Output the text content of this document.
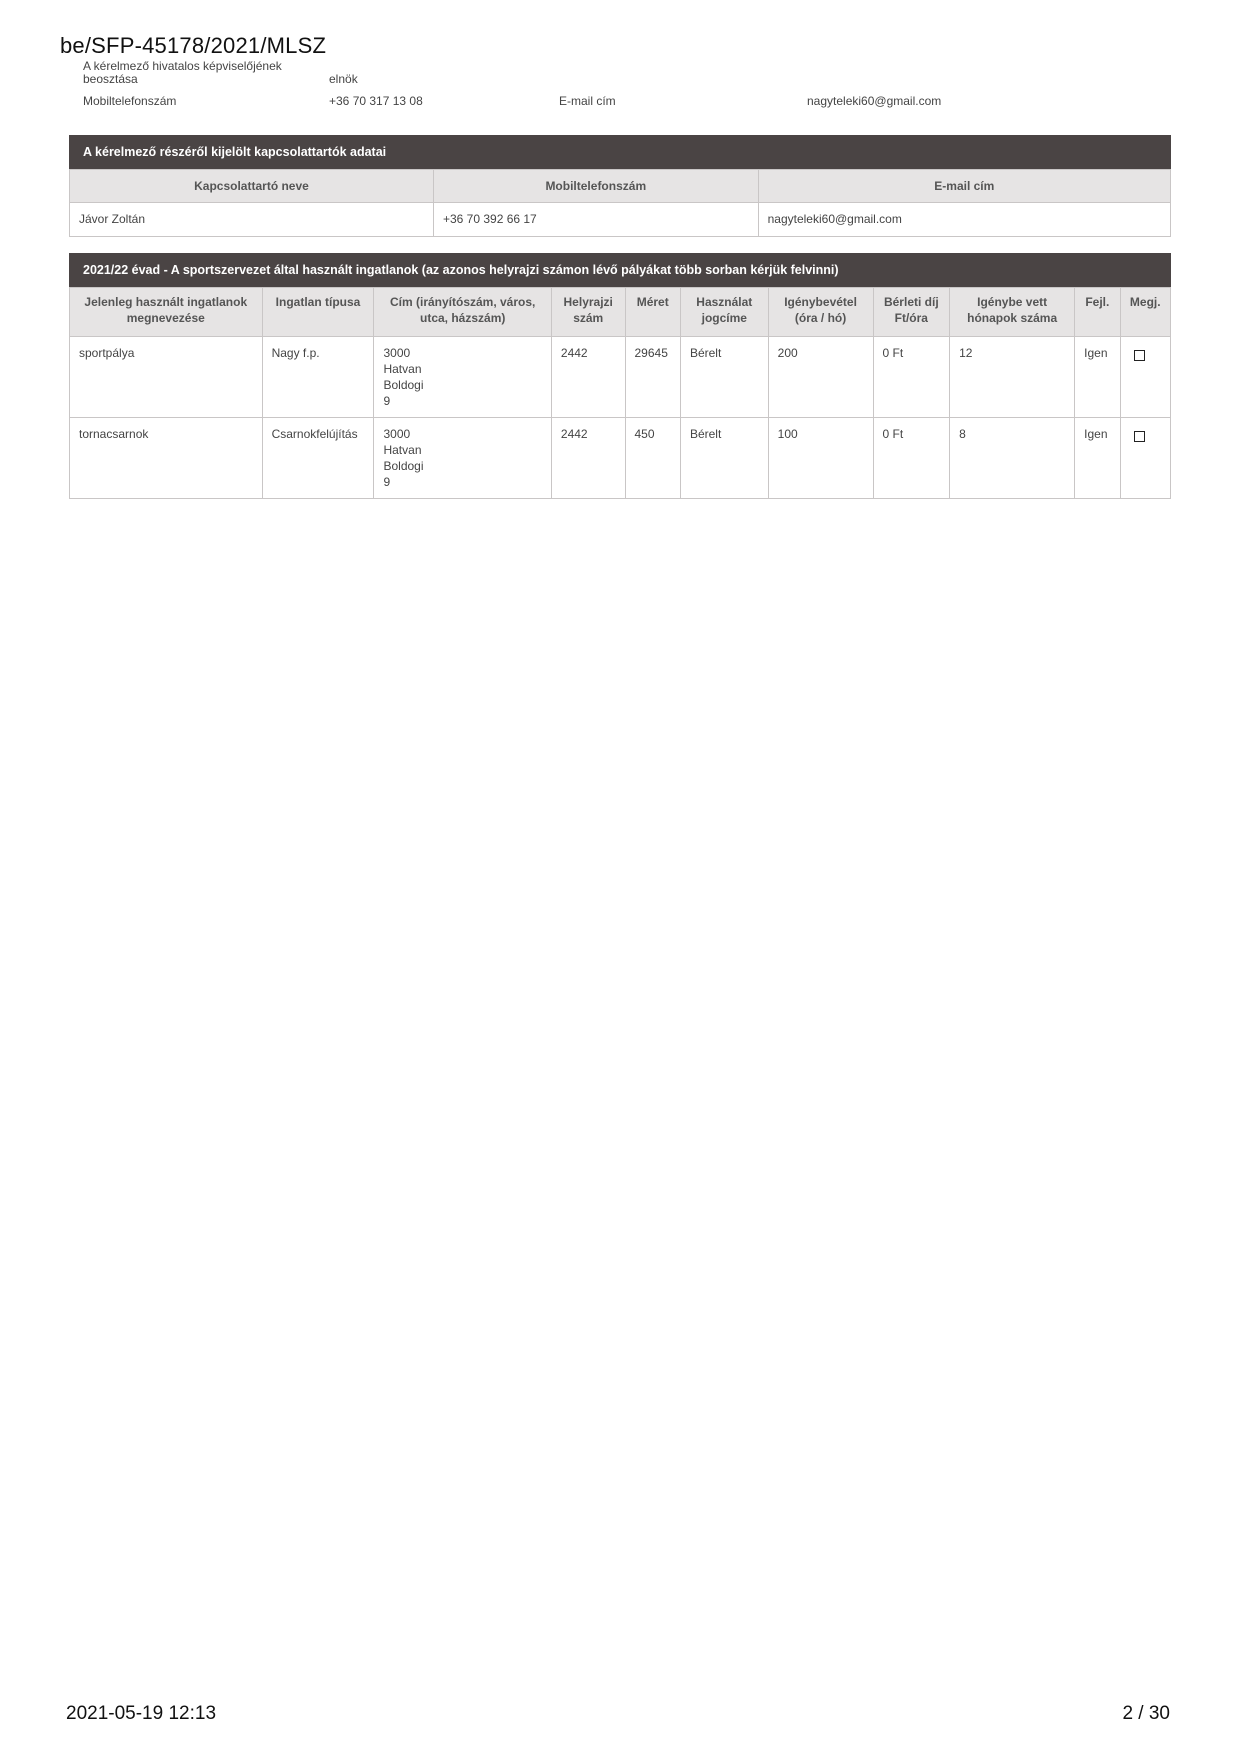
be/SFP-45178/2021/MLSZ
A kérelmező hivatalos képviselőjének beosztása	elnök
Mobiltelefonszám	+36 70 317 13 08	E-mail cím	nagyteleki60@gmail.com
A kérelmező részéről kijelölt kapcsolattartók adatai
Kapcsolattartó neve	Mobiltelefonszám	E-mail cím
Jávor Zoltán	+36 70 392 66 17	nagyteleki60@gmail.com
2021/22 évad - A sportszervezet által használt ingatlanok (az azonos helyrajzi számon lévő pályákat több sorban kérjük felvinni)
Jelenleg használt ingatlanok megnevezése	Ingatlan típusa	Cím (irányítószám, város, utca, házszám)	Helyrajzi szám	Méret	Használat jogcíme	Igénybevétel (óra / hó)	Bérleti díj Ft/óra	Igénybe vett hónapok száma	Fejl.	Megj.
sportpálya	Nagy f.p.	3000
Hatvan
Boldogi
9	2442	29645	Bérelt	200	0 Ft	12	Igen	
tornacsarnok	Csarnokfelújítás	3000
Hatvan
Boldogi
9	2442	450	Bérelt	100	0 Ft	8	Igen	
2021-05-19 12:13	2 / 30
